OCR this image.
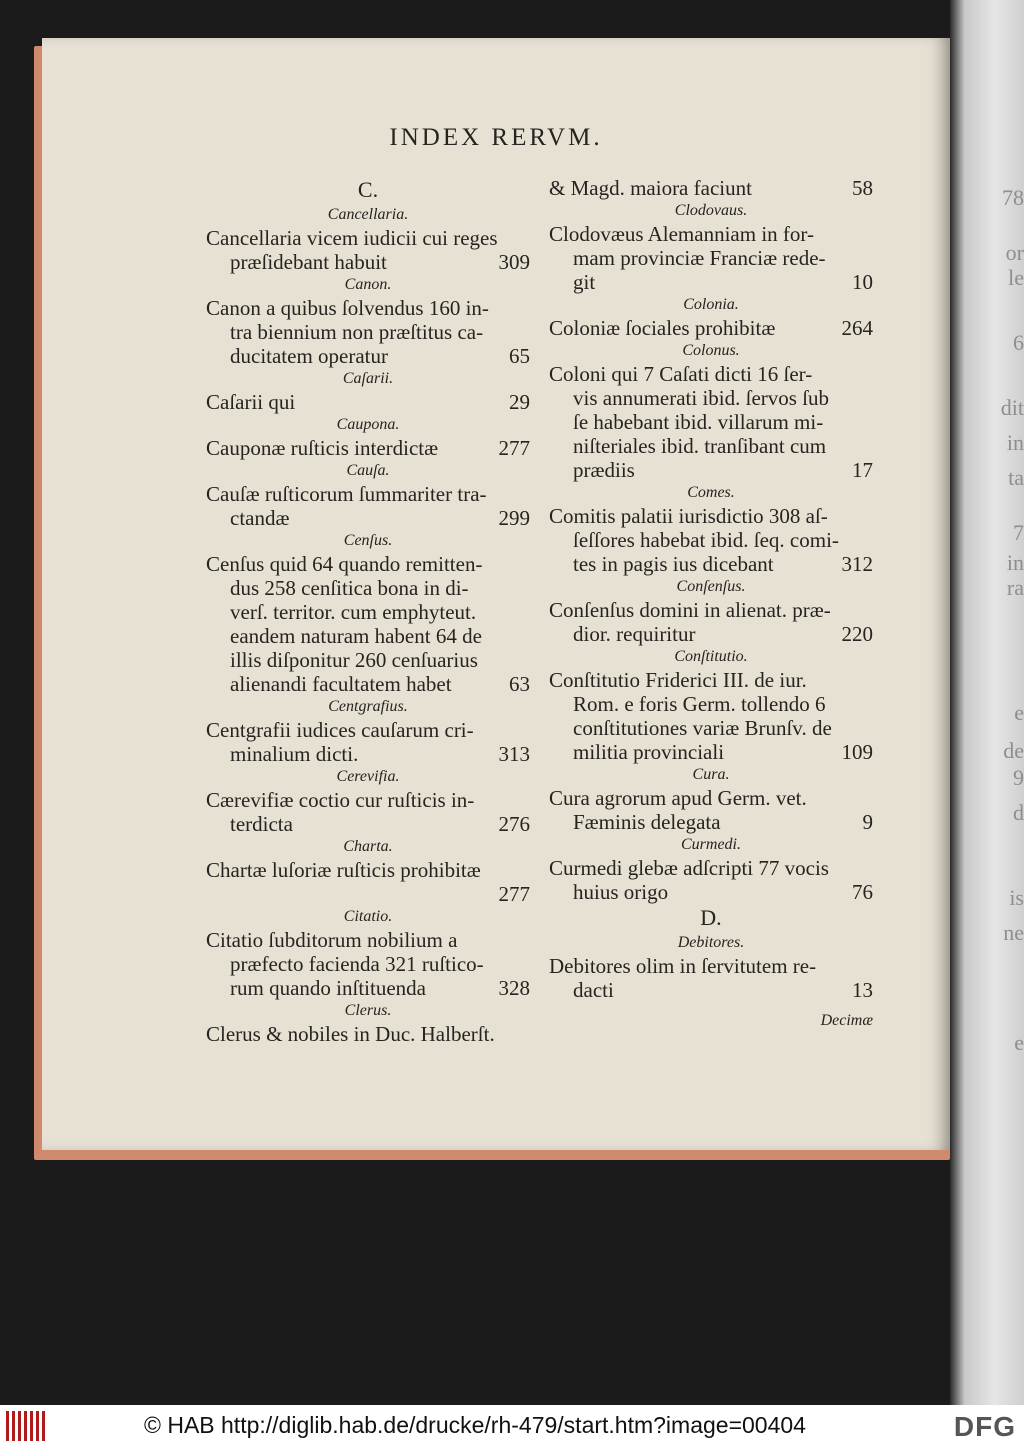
78
or
le
6
dit
in
ta
7
in
ra
e
de
9
d
is
ne
e
INDEX RERVM.
C.
Cancellaria.
Cancellaria vicem iudicii cui reges
præſidebant habuit	309
Canon.
Canon a quibus ſolvendus 160 in-
tra biennium non præſtitus ca-
ducitatem operatur	65
Caſarii.
Caſarii qui	29
Caupona.
Cauponæ ruſticis interdictæ	277
Cauſa.
Cauſæ ruſticorum ſummariter tra-
ctandæ	299
Cenſus.
Cenſus quid 64 quando remitten-
dus 258 cenſitica bona in di-
verſ. territor. cum emphyteut.
eandem naturam habent 64 de
illis diſponitur 260 cenſuarius
alienandi facultatem habet	63
Centgrafius.
Centgrafii iudices cauſarum cri-
minalium dicti.	313
Cerevifia.
Cærevifiæ coctio cur ruſticis in-
terdicta	276
Charta.
Chartæ luſoriæ ruſticis prohibitæ
277
Citatio.
Citatio ſubditorum nobilium a
præfecto facienda 321 ruſtico-
rum quando inſtituenda	328
Clerus.
Clerus & nobiles in Duc. Halberſt.
& Magd. maiora faciunt	58
Clodovaus.
Clodovæus Alemanniam in for-
mam provinciæ Franciæ rede-
git	10
Colonia.
Coloniæ ſociales prohibitæ	264
Colonus.
Coloni qui 7 Caſati dicti 16 ſer-
vis annumerati ibid. ſervos ſub
ſe habebant ibid. villarum mi-
niſteriales ibid. tranſibant cum
prædiis	17
Comes.
Comitis palatii iurisdictio 308 aſ-
ſeſſores habebat ibid. ſeq. comi-
tes in pagis ius dicebant	312
Conſenſus.
Conſenſus domini in alienat. præ-
dior. requiritur	220
Conſtitutio.
Conſtitutio Friderici III. de iur.
Rom. e foris Germ. tollendo 6
conſtitutiones variæ Brunſv. de
militia provinciali	109
Cura.
Cura agrorum apud Germ. vet.
Fæminis delegata	9
Curmedi.
Curmedi glebæ adſcripti 77 vocis
huius origo	76
D.
Debitores.
Debitores olim in ſervitutem re-
dacti	13
Decimæ
© HAB http://diglib.hab.de/drucke/rh-479/start.htm?image=00404	DFG
